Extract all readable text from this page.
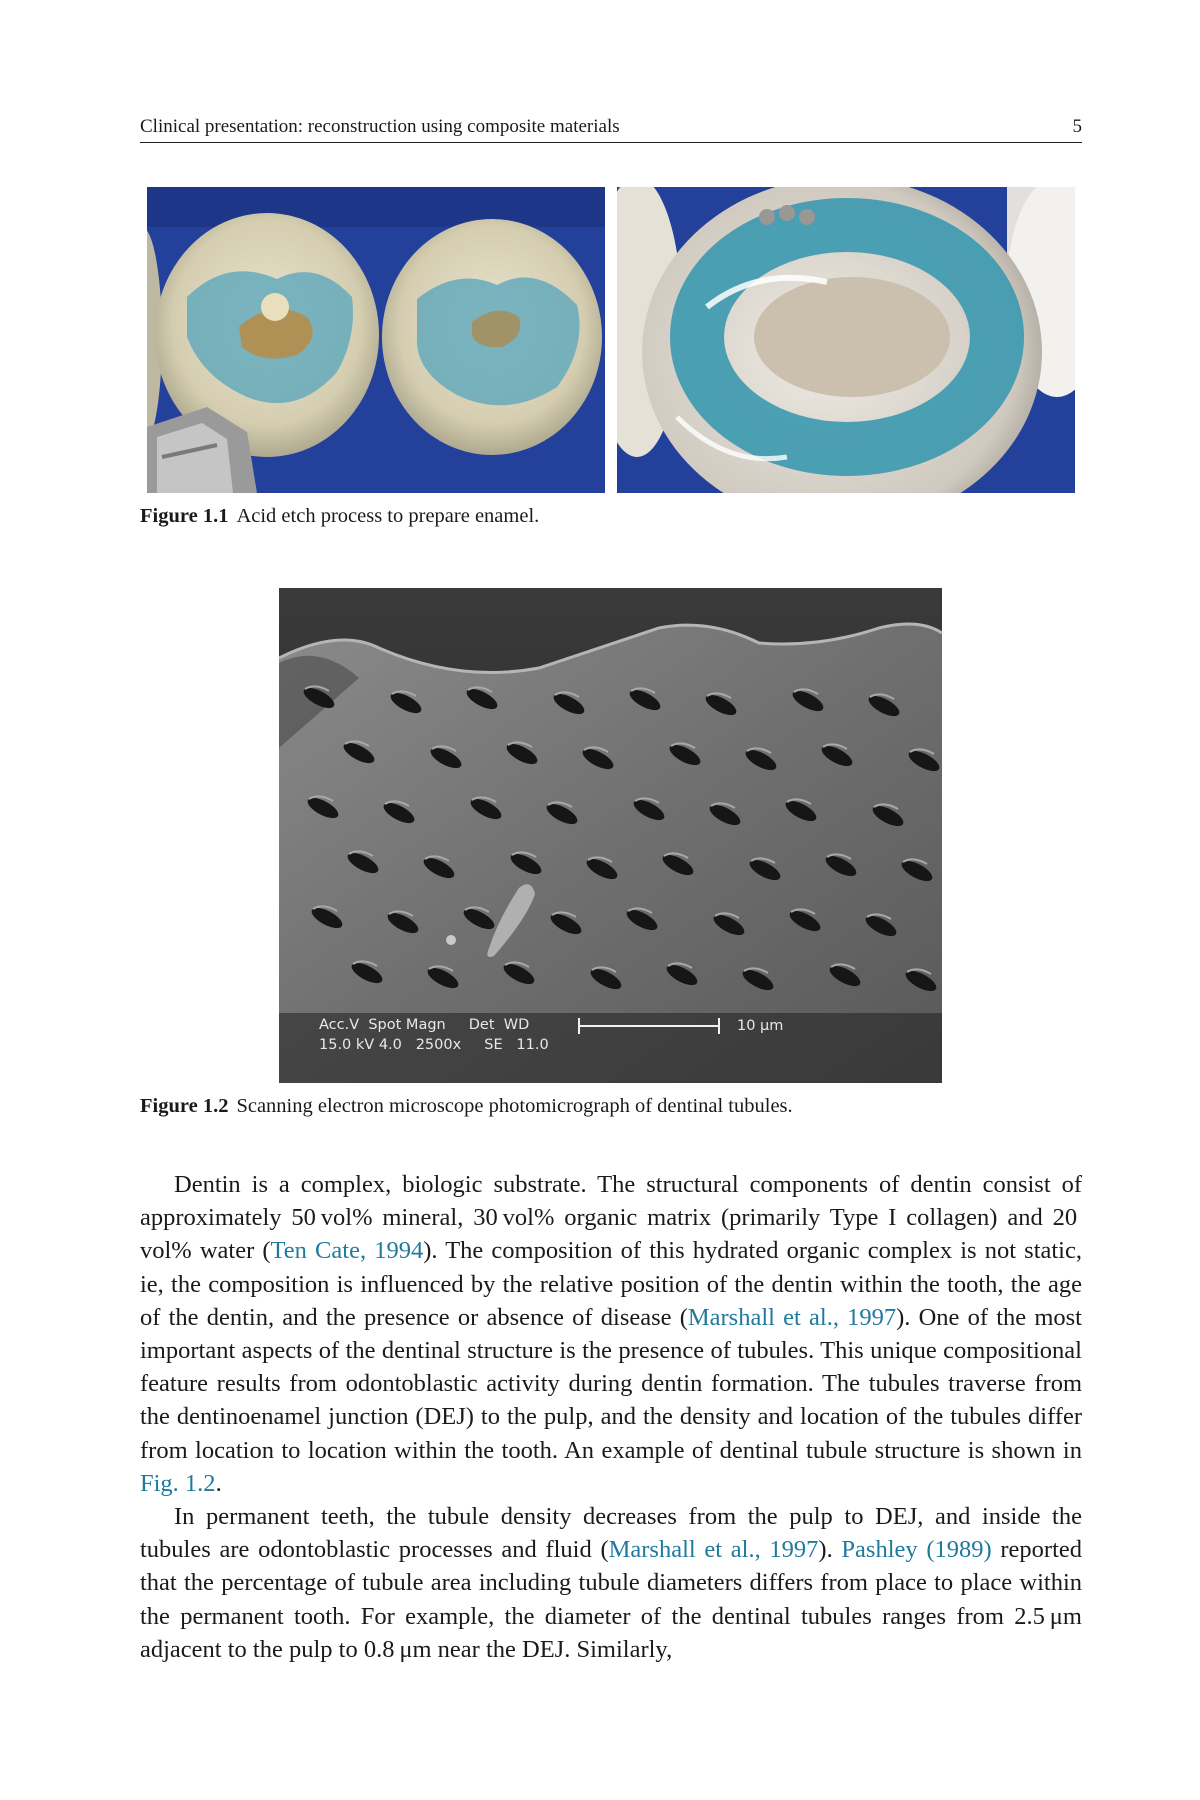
Clinical presentation: reconstruction using composite materials	5
Figure 1.1 Acid etch process to prepare enamel.
Acc.V  Spot Magn     Det  WD
15.0 kV 4.0   2500x     SE   11.0
10 µm
Figure 1.2 Scanning electron microscope photomicrograph of dentinal tubules.

Dentin is a complex, biologic substrate. The structural components of dentin consist of approximately 50 vol% mineral, 30 vol% organic matrix (primarily Type I collagen) and 20 vol% water (Ten Cate, 1994). The composition of this hydrated organic complex is not static, ie, the composition is influenced by the relative position of the dentin within the tooth, the age of the dentin, and the presence or absence of disease (Marshall et al., 1997). One of the most important aspects of the dentinal structure is the presence of tubules. This unique compositional feature results from odontoblastic activity during dentin formation. The tubules traverse from the dentinoenamel junction (DEJ) to the pulp, and the density and location of the tubules differ from location to location within the tooth. An example of dentinal tubule structure is shown in Fig. 1.2.

In permanent teeth, the tubule density decreases from the pulp to DEJ, and inside the tubules are odontoblastic processes and fluid (Marshall et al., 1997). Pashley (1989) reported that the percentage of tubule area including tubule diameters differs from place to place within the permanent tooth. For example, the diameter of the dentinal tubules ranges from 2.5 μm adjacent to the pulp to 0.8 μm near the DEJ. Similarly,
